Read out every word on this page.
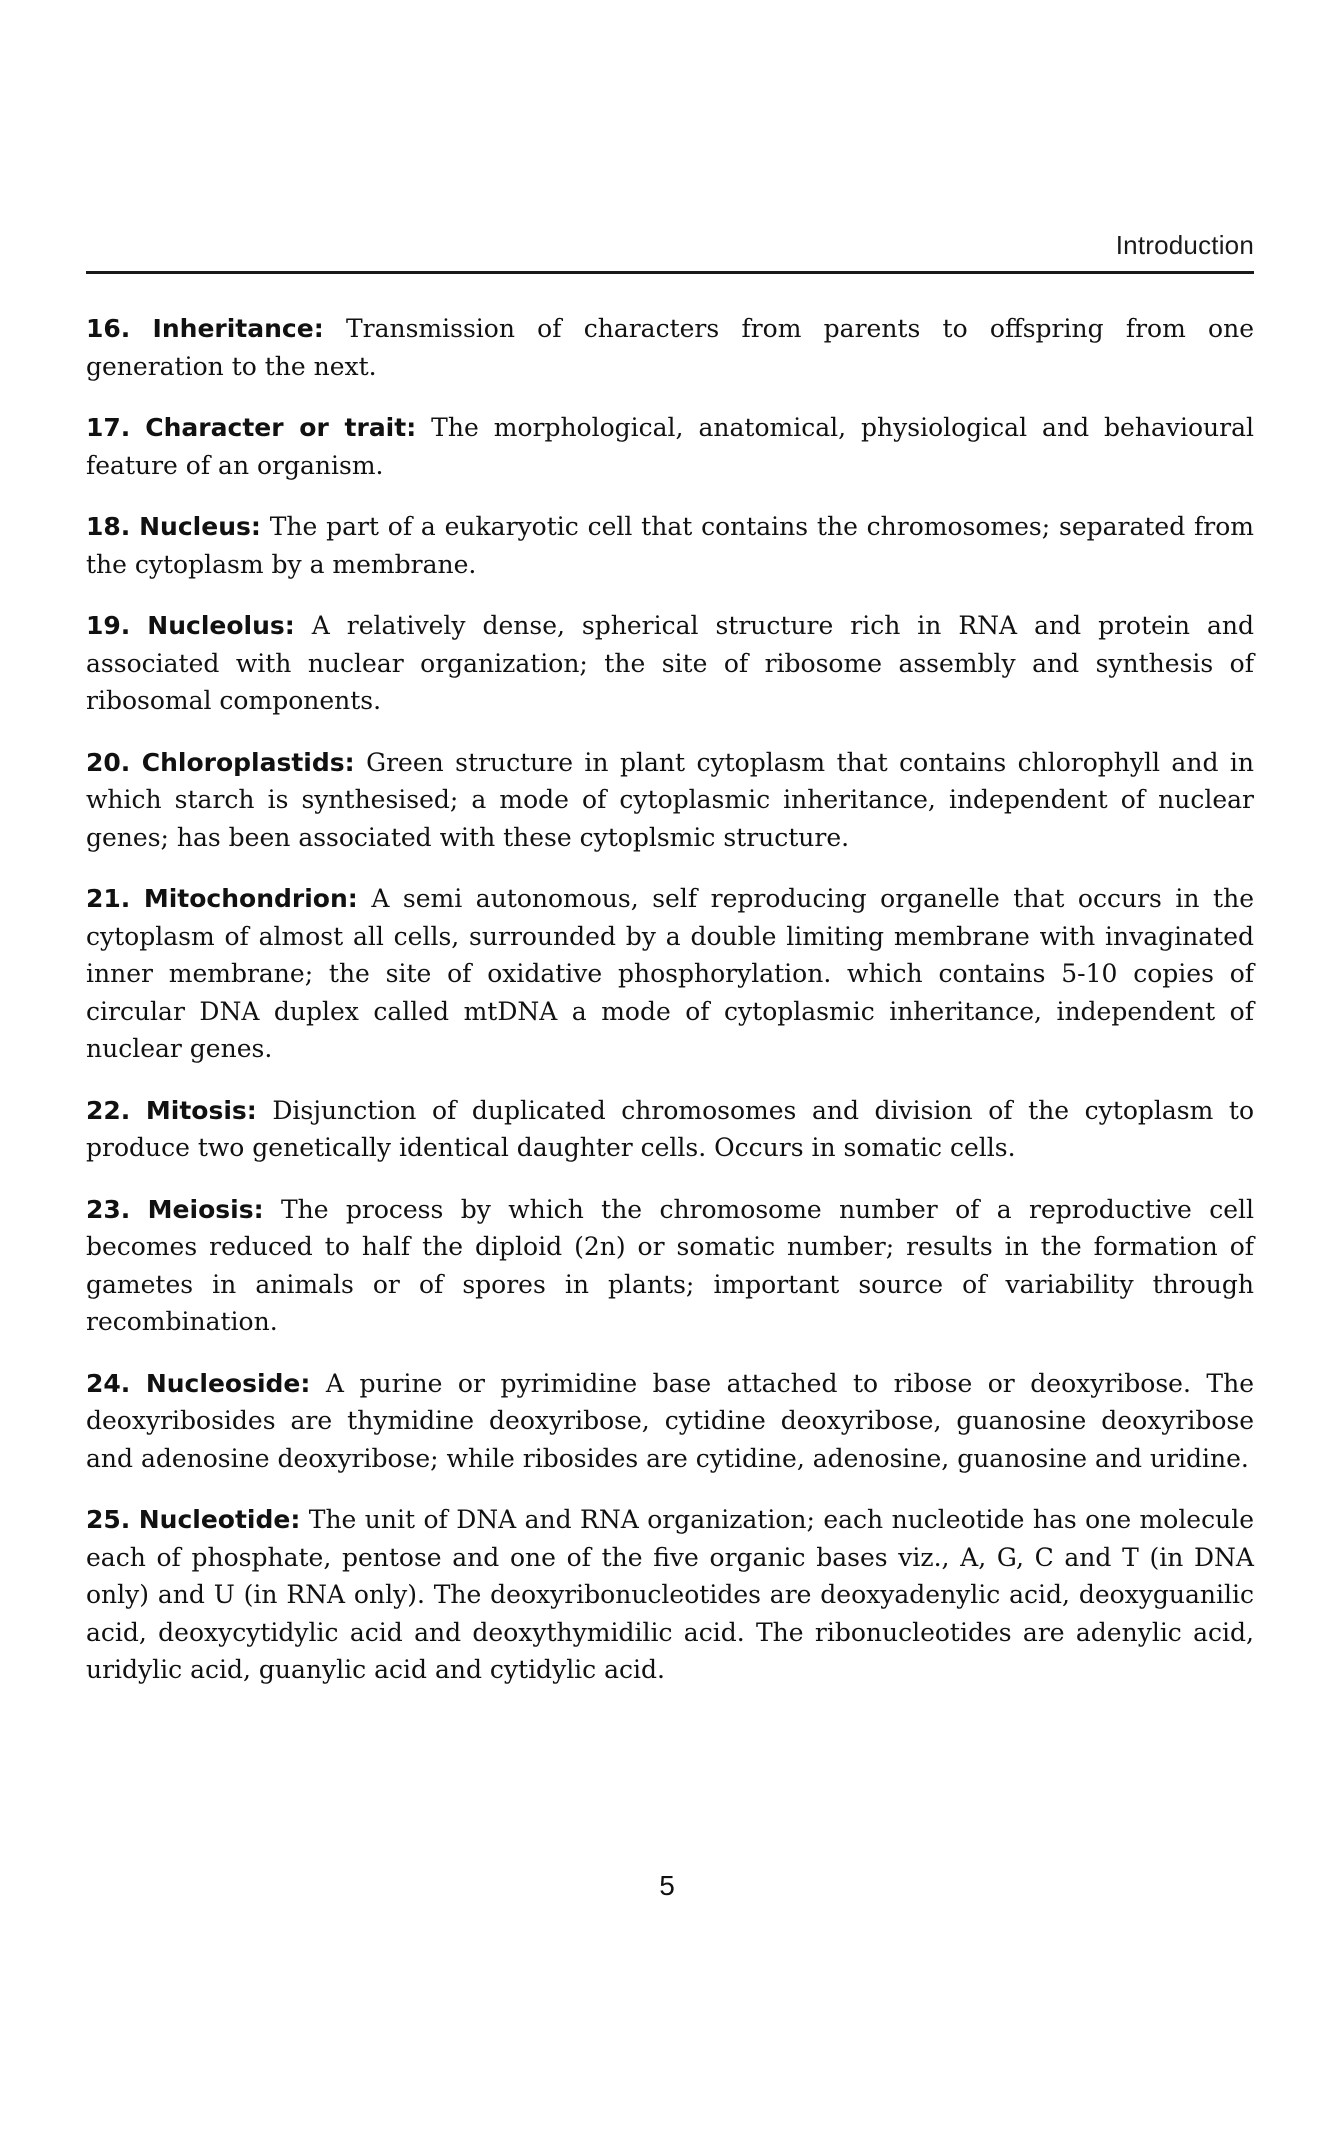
Introduction

16. Inheritance: Transmission of characters from parents to offspring from one generation to the next.

17. Character or trait: The morphological, anatomical, physiological and behavioural feature of an organism.

18. Nucleus: The part of a eukaryotic cell that contains the chromosomes; separated from the cytoplasm by a membrane.

19. Nucleolus: A relatively dense, spherical structure rich in RNA and protein and associated with nuclear organization; the site of ribosome assembly and synthesis of ribosomal components.

20. Chloroplastids: Green structure in plant cytoplasm that contains chlorophyll and in which starch is synthesised; a mode of cytoplasmic inheritance, independent of nuclear genes; has been associated with these cytoplsmic structure.

21. Mitochondrion: A semi autonomous, self reproducing organelle that occurs in the cytoplasm of almost all cells, surrounded by a double limiting membrane with invaginated inner membrane; the site of oxidative phosphorylation. which contains 5-10 copies of circular DNA duplex called mtDNA a mode of cytoplasmic inheritance, independent of nuclear genes.

22. Mitosis: Disjunction of duplicated chromosomes and division of the cytoplasm to produce two genetically identical daughter cells. Occurs in somatic cells.

23. Meiosis: The process by which the chromosome number of a reproductive cell becomes reduced to half the diploid (2n) or somatic number; results in the formation of gametes in animals or of spores in plants; important source of variability through recombination.

24. Nucleoside: A purine or pyrimidine base attached to ribose or deoxyribose. The deoxyribosides are thymidine deoxyribose, cytidine deoxyribose, guanosine deoxyribose and adenosine deoxyribose; while ribosides are cytidine, adenosine, guanosine and uridine.

25. Nucleotide: The unit of DNA and RNA organization; each nucleotide has one molecule each of phosphate, pentose and one of the five organic bases viz., A, G, C and T (in DNA only) and U (in RNA only). The deoxyribonucleotides are deoxyadenylic acid, deoxyguanilic acid, deoxycytidylic acid and deoxythymidilic acid. The ribonucleotides are adenylic acid, uridylic acid, guanylic acid and cytidylic acid.

5
